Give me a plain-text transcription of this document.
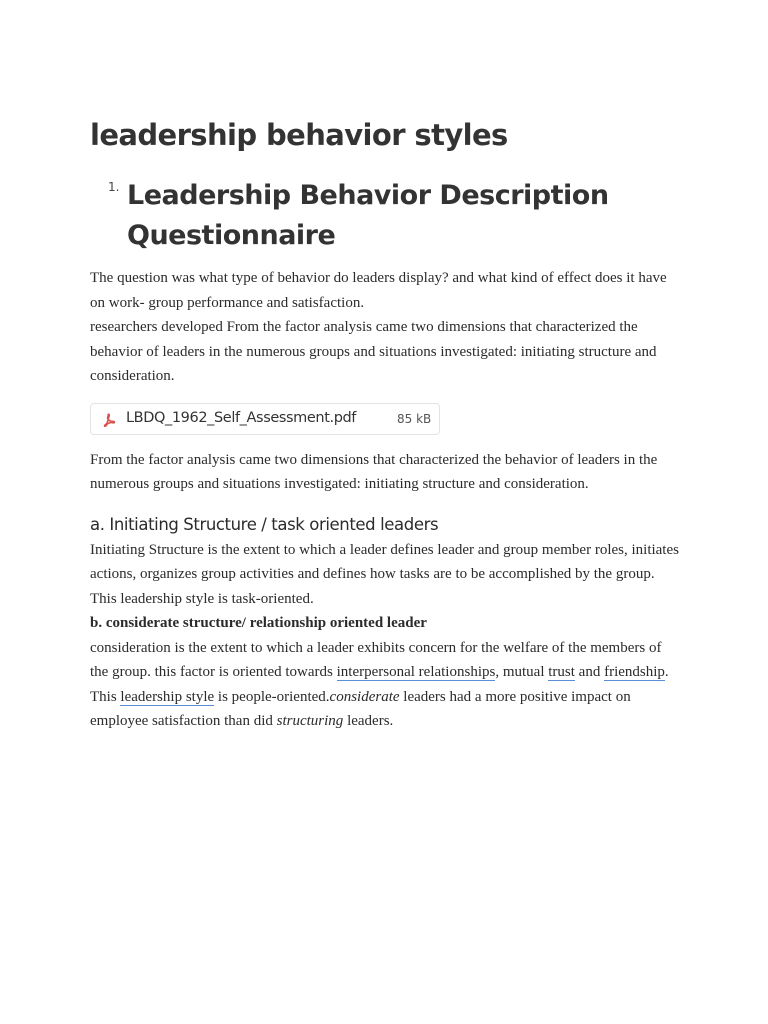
leadership behavior styles
1. Leadership Behavior Description Questionnaire

The question was what type of behavior do leaders display? and what kind of effect does it have on work- group performance and satisfaction.
researchers developed From the factor analysis came two dimensions that characterized the behavior of leaders in the numerous groups and situations investigated: initiating structure and consideration.

LBDQ_1962_Self_Assessment.pdf	85 kB

From the factor analysis came two dimensions that characterized the behavior of leaders in the numerous groups and situations investigated: initiating structure and consideration.

a. Initiating Structure / task oriented leaders

Initiating Structure is the extent to which a leader defines leader and group member roles, initiates actions, organizes group activities and defines how tasks are to be accomplished by the group. This leadership style is task-oriented.

b. considerate structure/ relationship oriented leader

consideration is the extent to which a leader exhibits concern for the welfare of the members of the group. this factor is oriented towards interpersonal relationships, mutual trust and friendship. This leadership style is people-oriented.considerate leaders had a more positive impact on employee satisfaction than did structuring leaders.
